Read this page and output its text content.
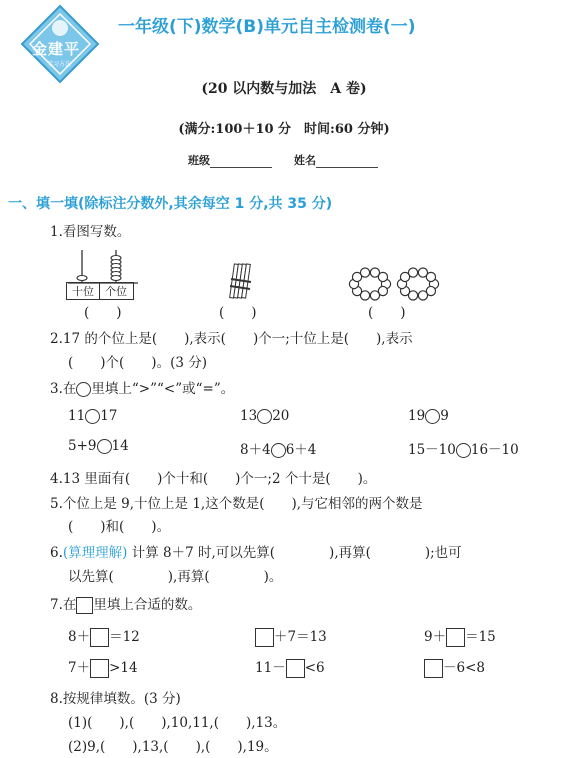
金建平
学习方法
一年级(下)数学(B)单元自主检测卷(一)
(20 以内数与加法　A 卷)
(满分:100＋10 分　时间:60 分钟)
班级	姓名
一、填一填(除标注分数外,其余每空 1 分,共 35 分)
1.看图写数。
十位 个位
(　　)	(　　)	(　　)
2.17 的个位上是(　　),表示(　　)个一;十位上是(　　),表示
(　　)个(　　)。(3 分)
3.在 里填上“>”“<”或“=”。
11 17	13 20	19 9
5+9 14	8＋4 6＋4	15－10 16－10
4.13 里面有(　　)个十和(　　)个一;2 个十是(　　)。
5.个位上是 9,十位上是 1,这个数是(　　),与它相邻的两个数是
(　　)和(　　)。
6.(算理理解) 计算 8＋7 时,可以先算(　　　　),再算(　　　　);也可
以先算(　　　　),再算(　　　　)。
7.在 里填上合适的数。
8＋ ＝12	＋7＝13	9＋ ＝15
7＋ >14	11－ <6	－6<8
8.按规律填数。(3 分)
(1)(　　),(　　),10,11,(　　),13。
(2)9,(　　),13,(　　),(　　),19。
